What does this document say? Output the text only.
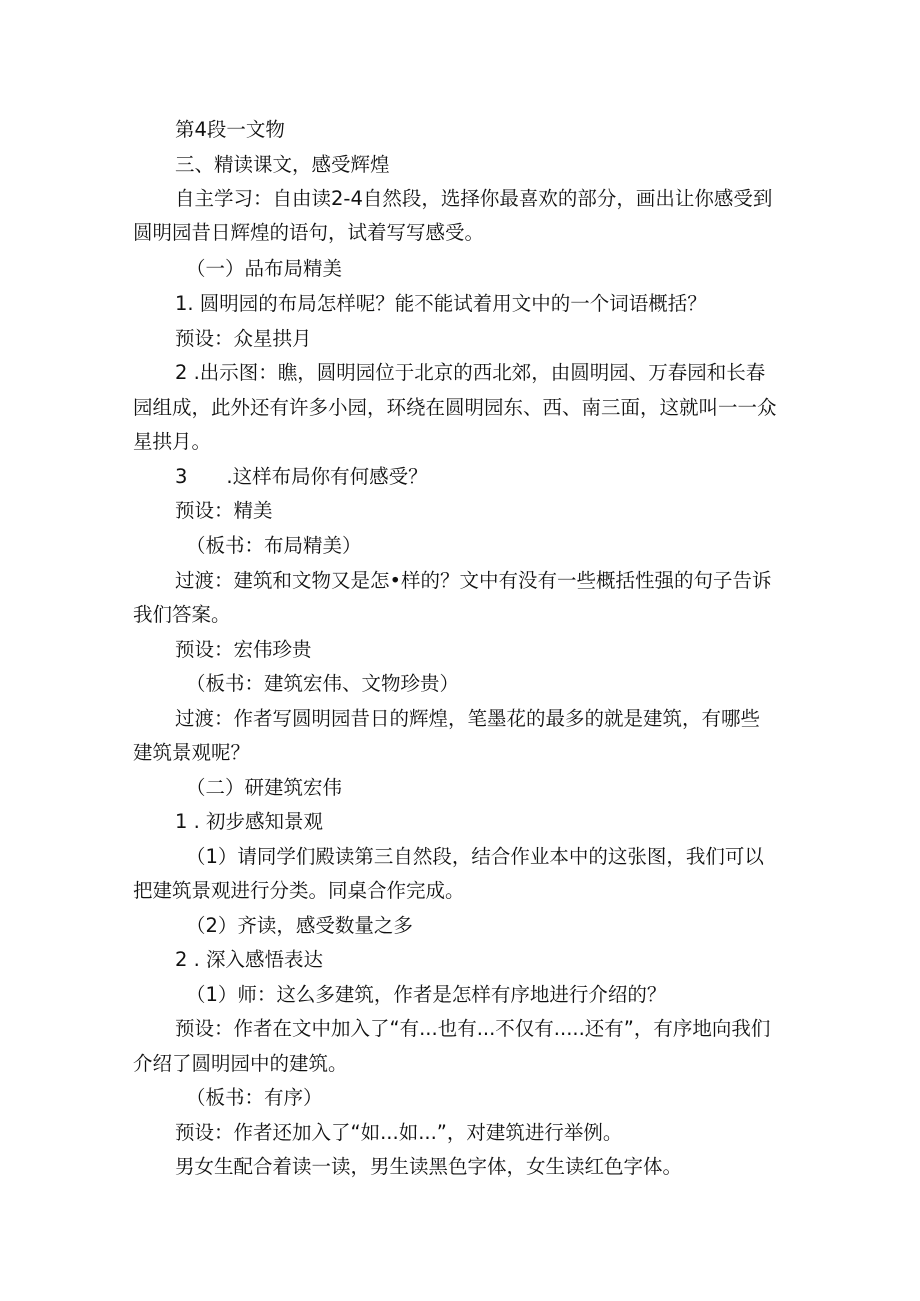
第4段一文物
三、精读课文，感受辉煌
自主学习：自由读2-4自然段，选择你最喜欢的部分，画出让你感受到
圆明园昔日辉煌的语句，试着写写感受。
（一）品布局精美
1. 圆明园的布局怎样呢？能不能试着用文中的一个词语概括？
预设：众星拱月
2 .出示图：瞧，圆明园位于北京的西北郊，由圆明园、万春园和长春
园组成，此外还有许多小园，环绕在圆明园东、西、南三面，这就叫一一众
星拱月。
3　　.这样布局你有何感受？
预设：精美
（板书：布局精美）
过渡：建筑和文物又是怎•样的？文中有没有一些概括性强的句子告诉
我们答案。
预设：宏伟珍贵
（板书：建筑宏伟、文物珍贵）
过渡：作者写圆明园昔日的辉煌，笔墨花的最多的就是建筑，有哪些
建筑景观呢？
（二）研建筑宏伟
1 . 初步感知景观
（1）请同学们殿读第三自然段，结合作业本中的这张图，我们可以
把建筑景观进行分类。同桌合作完成。
（2）齐读，感受数量之多
2 . 深入感悟表达
（1）师：这么多建筑，作者是怎样有序地进行介绍的？
预设：作者在文中加入了“有...也有...不仅有.....还有”，有序地向我们
介绍了圆明园中的建筑。
（板书：有序）
预设：作者还加入了“如...如...”，对建筑进行举例。
男女生配合着读一读，男生读黑色字体，女生读红色字体。
